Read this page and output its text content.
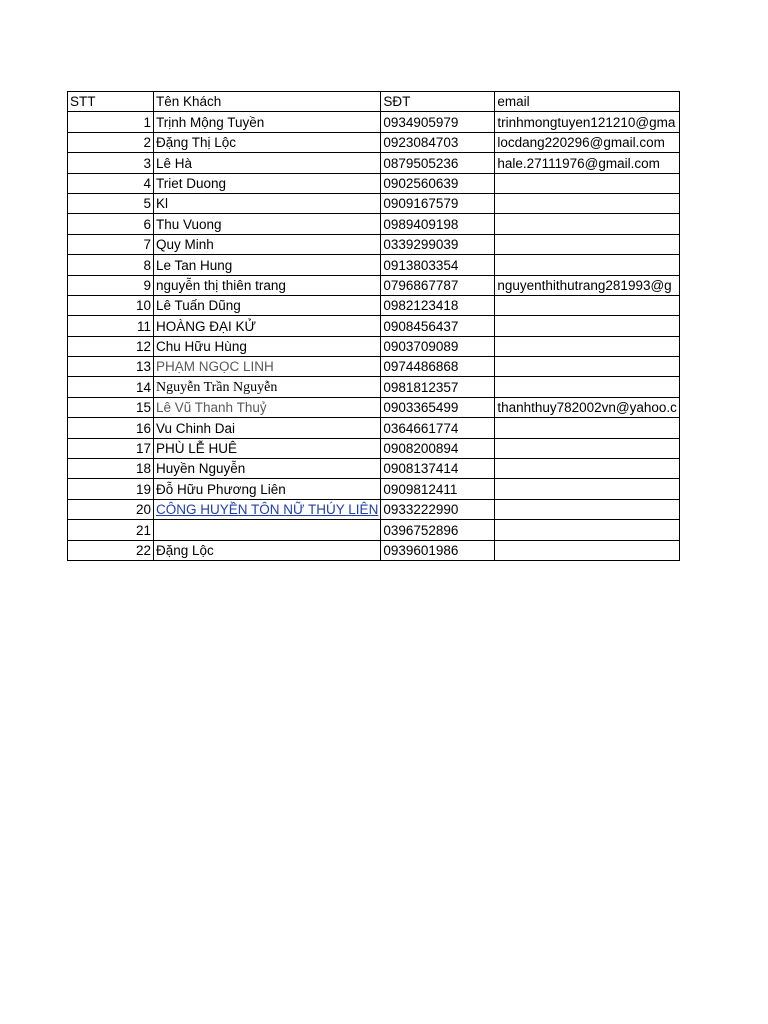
STT	Tên Khách	SĐT	email
1	Trịnh Mộng Tuyền	0934905979	trinhmongtuyen121210@gma
2	Đặng Thị Lộc	0923084703	locdang220296@gmail.com
3	Lê Hà	0879505236	hale.27111976@gmail.com
4	Triet Duong	0902560639	
5	Kl	0909167579	
6	Thu Vuong	0989409198	
7	Quy Minh	0339299039	
8	Le Tan Hung	0913803354	
9	nguyễn thị thiên trang	0796867787	nguyenthithutrang281993@g
10	Lê Tuấn Dũng	0982123418	
11	HOÀNG ĐẠI KỬ	0908456437	
12	Chu Hữu Hùng	0903709089	
13	PHẠM NGỌC LINH	0974486868	
14	Nguyễn Trần Nguyễn	0981812357	
15	Lê Vũ Thanh Thuỷ	0903365499	thanhthuy782002vn@yahoo.c
16	Vu Chinh Dai	0364661774	
17	PHÙ LỄ HUÊ	0908200894	
18	Huyền Nguyễn	0908137414	
19	Đỗ Hữu Phương Liên	0909812411	
20	CÔNG HUYỀN TÔN NỮ THÚY LIÊN	0933222990	
21		0396752896	
22	Đặng Lộc	0939601986	
